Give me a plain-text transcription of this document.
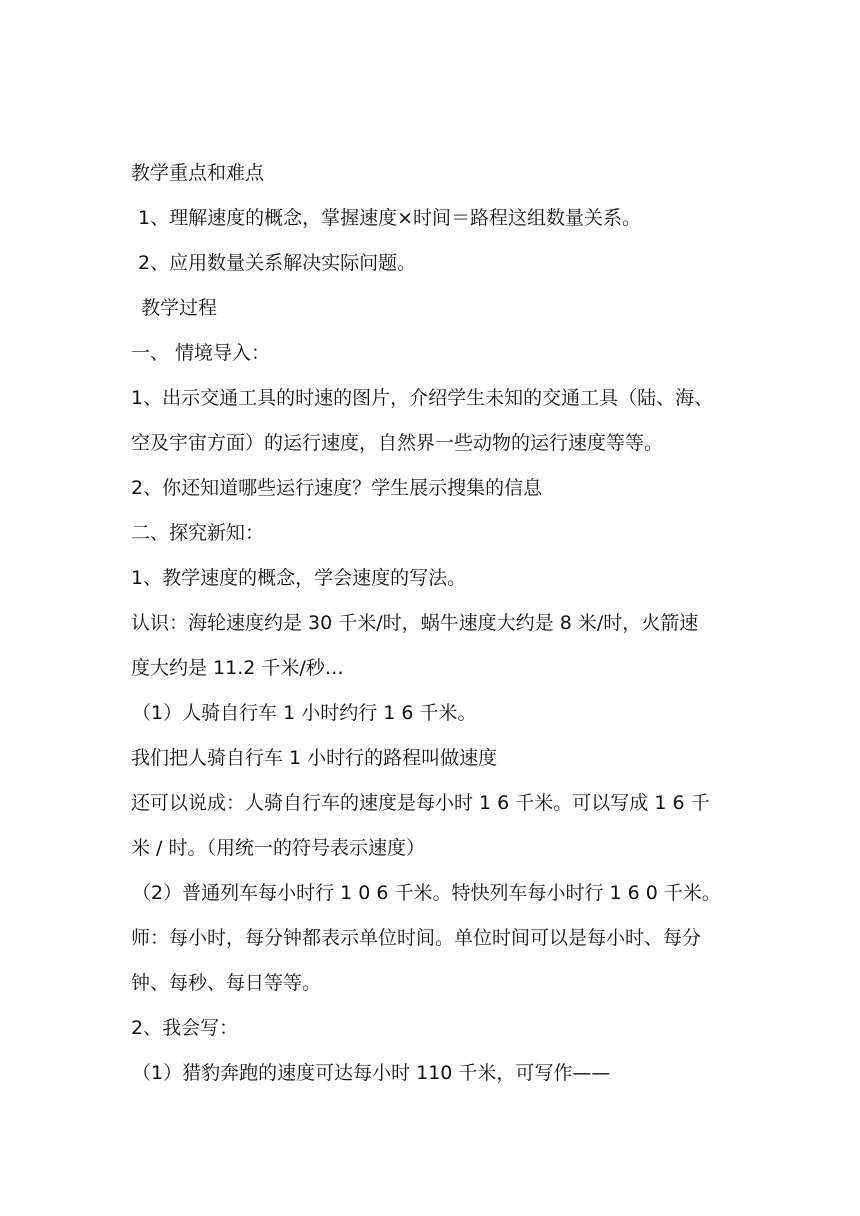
教学重点和难点
1、理解速度的概念，掌握速度×时间＝路程这组数量关系。
2、应用数量关系解决实际问题。
教学过程
一、 情境导入：
1、出示交通工具的时速的图片，介绍学生未知的交通工具（陆、海、
空及宇宙方面）的运行速度，自然界一些动物的运行速度等等。
2、你还知道哪些运行速度？学生展示搜集的信息
二、探究新知：
1、教学速度的概念，学会速度的写法。
认识：海轮速度约是 30 千米/时，蜗牛速度大约是 8 米/时，火箭速
度大约是 11.2 千米/秒…
（1）人骑自行车 1 小时约行 1 6 千米。
我们把人骑自行车 1 小时行的路程叫做速度
还可以说成：人骑自行车的速度是每小时 1 6 千米。可以写成 1 6 千
米 / 时。（用统一的符号表示速度）
（2）普通列车每小时行 1 0 6 千米。特快列车每小时行 1 6 0 千米。
师：每小时，每分钟都表示单位时间。单位时间可以是每小时、每分
钟、每秒、每日等等。
2、我会写：
（1）猎豹奔跑的速度可达每小时 110 千米，可写作——
